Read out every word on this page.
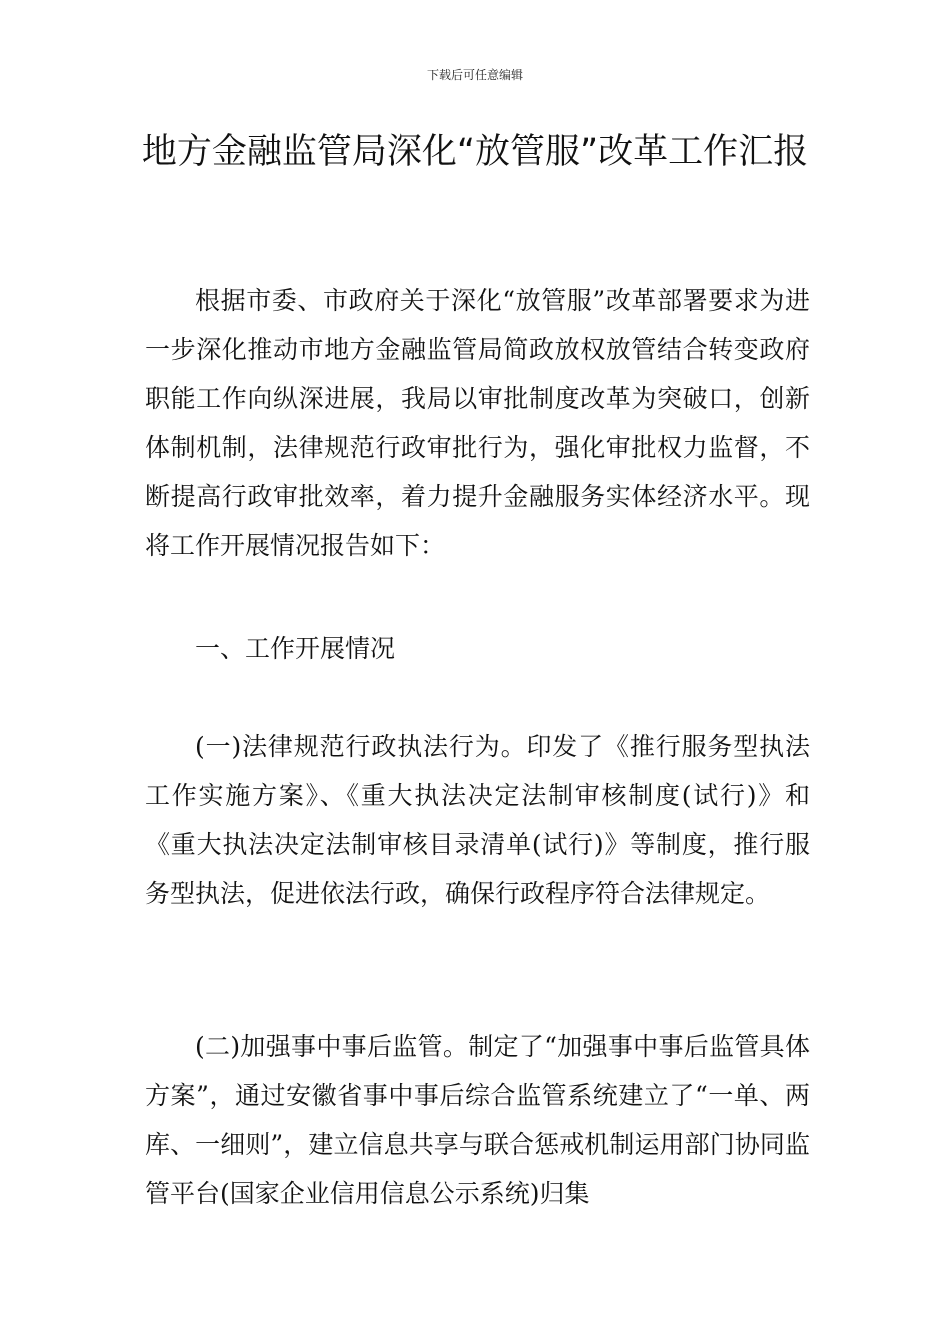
下载后可任意编辑
地方金融监管局深化“放管服”改革工作汇报

根据市委、市政府关于深化“放管服”改革部署要求为进一步深化推动市地方金融监管局简政放权放管结合转变政府职能工作向纵深进展，我局以审批制度改革为突破口，创新体制机制，法律规范行政审批行为，强化审批权力监督，不断提高行政审批效率，着力提升金融服务实体经济水平。现将工作开展情况报告如下：

一、工作开展情况

(一)法律规范行政执法行为。印发了《推行服务型执法工作实施方案》、《重大执法决定法制审核制度(试行)》和《重大执法决定法制审核目录清单(试行)》等制度，推行服务型执法，促进依法行政，确保行政程序符合法律规定。

(二)加强事中事后监管。制定了“加强事中事后监管具体方案”，通过安徽省事中事后综合监管系统建立了“一单、两库、一细则”，建立信息共享与联合惩戒机制运用部门协同监管平台(国家企业信用信息公示系统)归集
